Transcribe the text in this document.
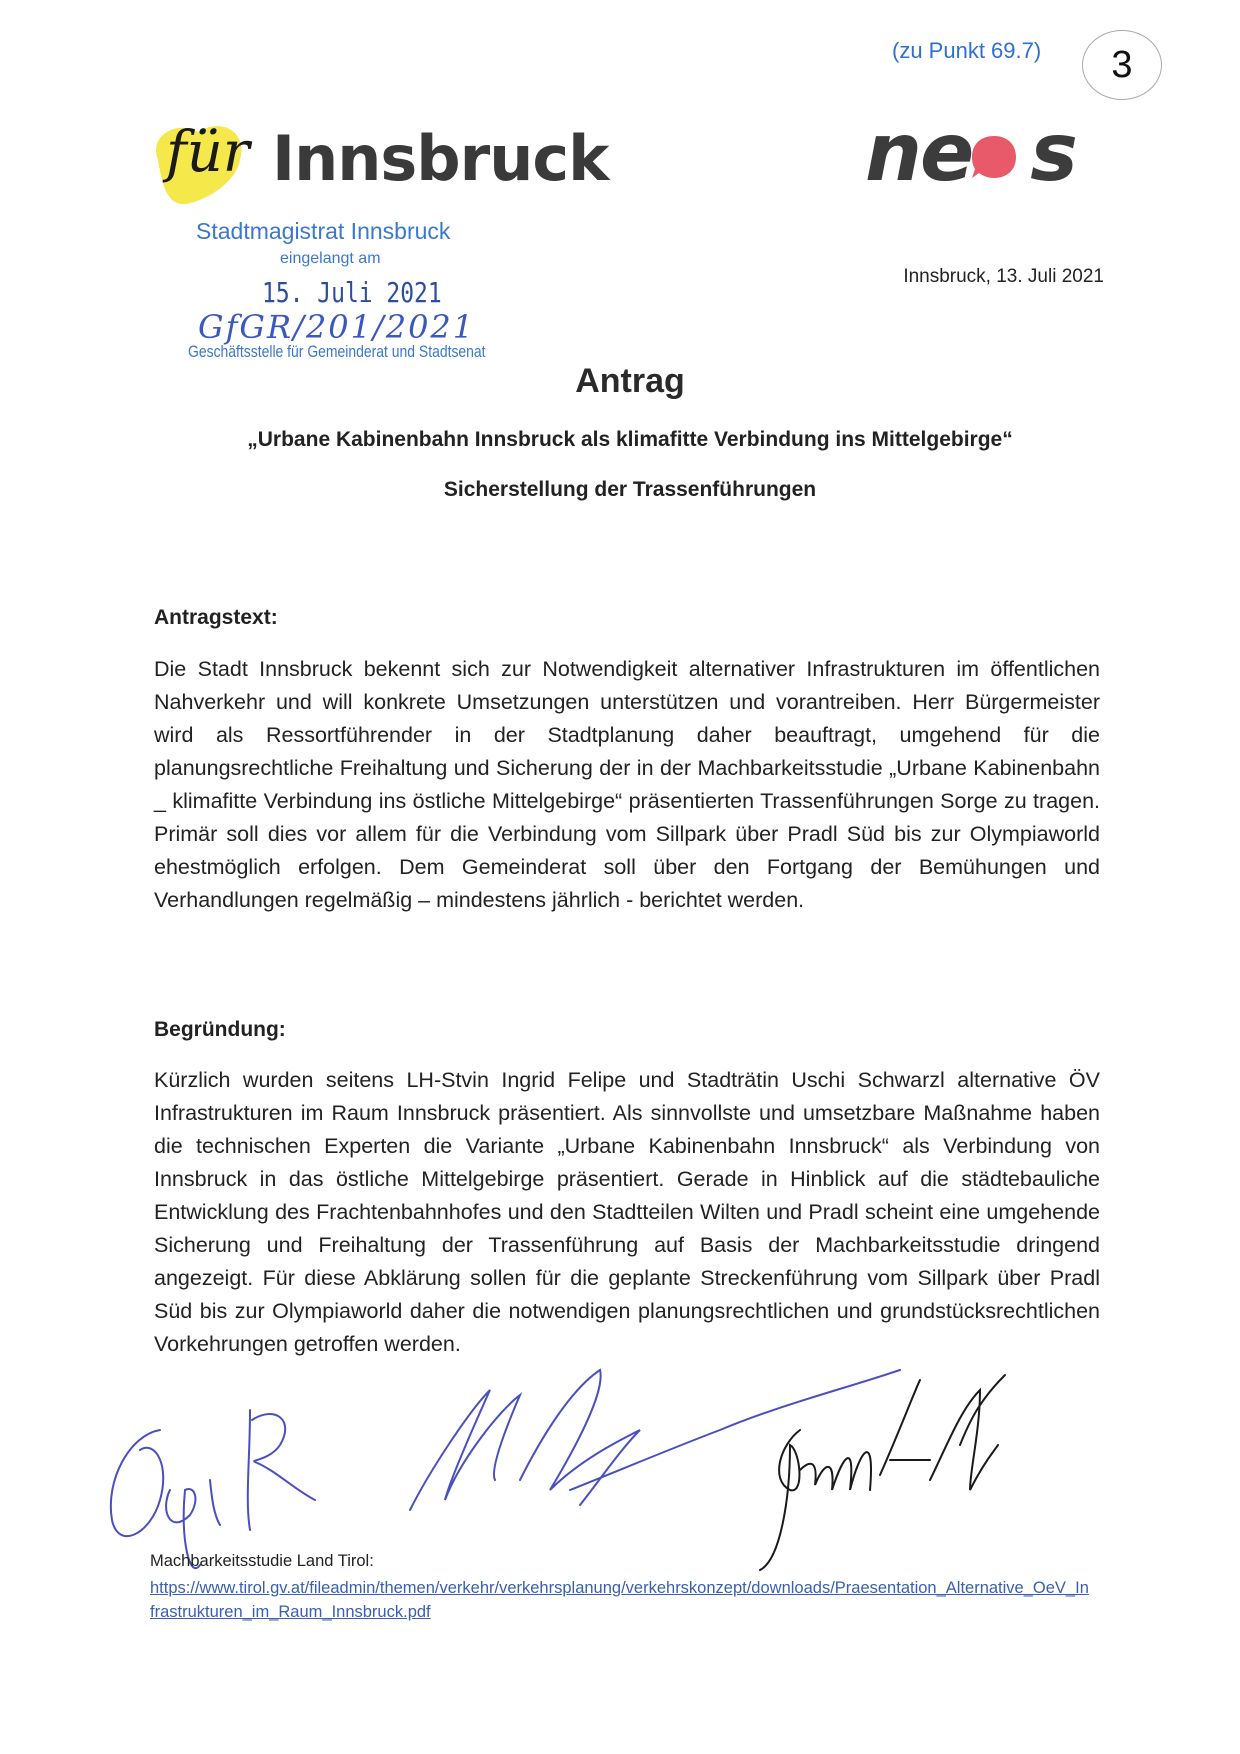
(zu Punkt 69.7)	3
für Innsbruck	ne s
Stadtmagistrat Innsbruck
eingelangt am
15. Juli 2021
GfGR/201/2021
Geschäftsstelle für Gemeinderat und Stadtsenat
Innsbruck, 13. Juli 2021
Antrag
„Urbane Kabinenbahn Innsbruck als klimafitte Verbindung ins Mittelgebirge“
Sicherstellung der Trassenführungen
Antragstext:
Die Stadt Innsbruck bekennt sich zur Notwendigkeit alternativer Infrastrukturen im öffentlichen Nahverkehr und will konkrete Umsetzungen unterstützen und vorantreiben. Herr Bürgermeister wird als Ressortführender in der Stadtplanung daher beauftragt, umgehend für die planungsrechtliche Freihaltung und Sicherung der in der Machbarkeitsstudie „Urbane Kabinenbahn _ klimafitte Verbindung ins östliche Mittelgebirge“ präsentierten Trassenführungen Sorge zu tragen. Primär soll dies vor allem für die Verbindung vom Sillpark über Pradl Süd bis zur Olympiaworld ehestmöglich erfolgen. Dem Gemeinderat soll über den Fortgang der Bemühungen und Verhandlungen regelmäßig – mindestens jährlich - berichtet werden.
Begründung:
Kürzlich wurden seitens LH-Stvin Ingrid Felipe und Stadträtin Uschi Schwarzl alternative ÖV Infrastrukturen im Raum Innsbruck präsentiert. Als sinnvollste und umsetzbare Maßnahme haben die technischen Experten die Variante „Urbane Kabinenbahn Innsbruck“ als Verbindung von Innsbruck in das östliche Mittelgebirge präsentiert. Gerade in Hinblick auf die städtebauliche Entwicklung des Frachtenbahnhofes und den Stadtteilen Wilten und Pradl scheint eine umgehende Sicherung und Freihaltung der Trassenführung auf Basis der Machbarkeitsstudie dringend angezeigt. Für diese Abklärung sollen für die geplante Streckenführung vom Sillpark über Pradl Süd bis zur Olympiaworld daher die notwendigen planungsrechtlichen und grundstücksrechtlichen Vorkehrungen getroffen werden.
Machbarkeitsstudie Land Tirol:
https://www.tirol.gv.at/fileadmin/themen/verkehr/verkehrsplanung/verkehrskonzept/downloads/Praesentation_Alternative_OeV_Infrastrukturen_im_Raum_Innsbruck.pdf
